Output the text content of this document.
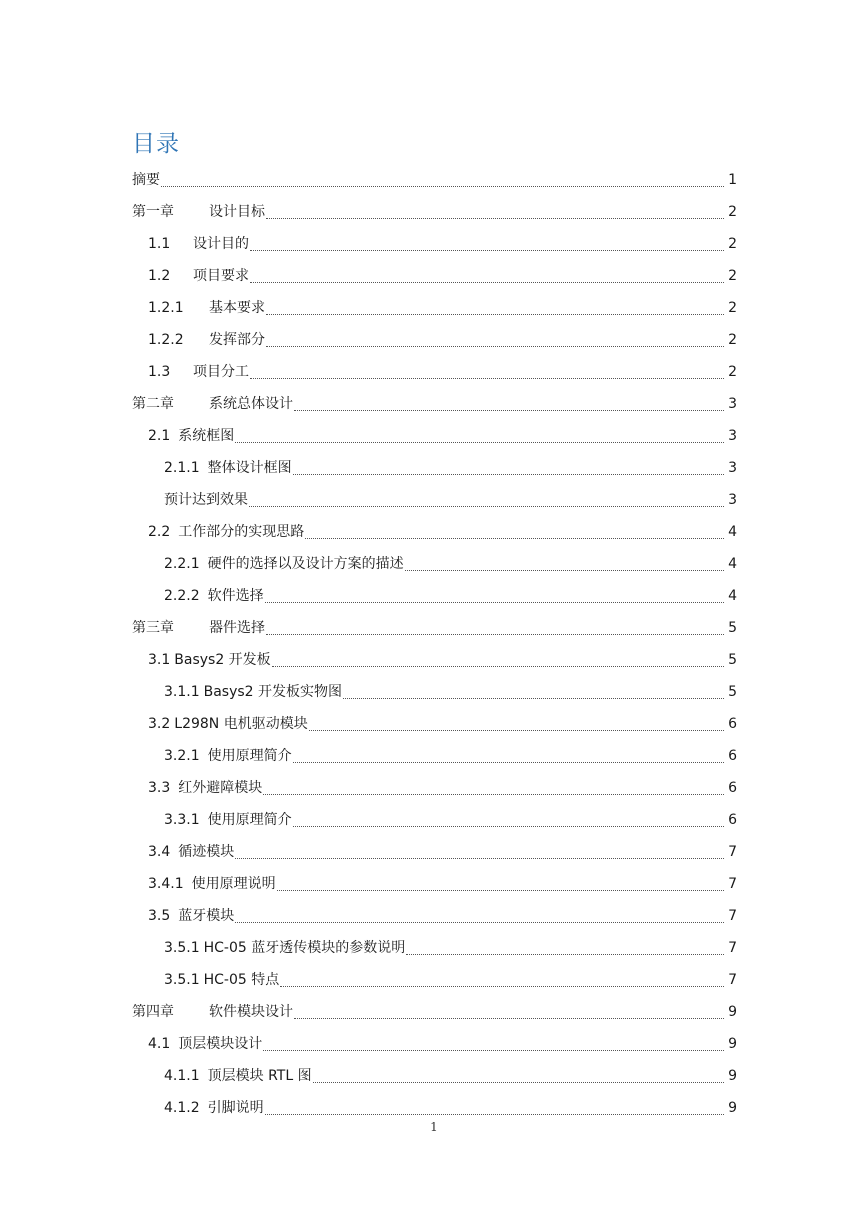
目录
摘要	1
第一章	设计目标	2
1.1	设计目的	2
1.2	项目要求	2
1.2.1	基本要求	2
1.2.2	发挥部分	2
1.3	项目分工	2
第二章	系统总体设计	3
2.1 系统框图	3
2.1.1 整体设计框图	3
预计达到效果	3
2.2 工作部分的实现思路	4
2.2.1 硬件的选择以及设计方案的描述	4
2.2.2 软件选择	4
第三章	器件选择	5
3.1 Basys2 开发板	5
3.1.1 Basys2 开发板实物图	5
3.2 L298N 电机驱动模块	6
3.2.1 使用原理简介	6
3.3 红外避障模块	6
3.3.1 使用原理简介	6
3.4 循迹模块	7
3.4.1 使用原理说明	7
3.5 蓝牙模块	7
3.5.1 HC-05 蓝牙透传模块的参数说明	7
3.5.1 HC-05 特点	7
第四章	软件模块设计	9
4.1 顶层模块设计	9
4.1.1 顶层模块 RTL 图	9
4.1.2 引脚说明	9
1
